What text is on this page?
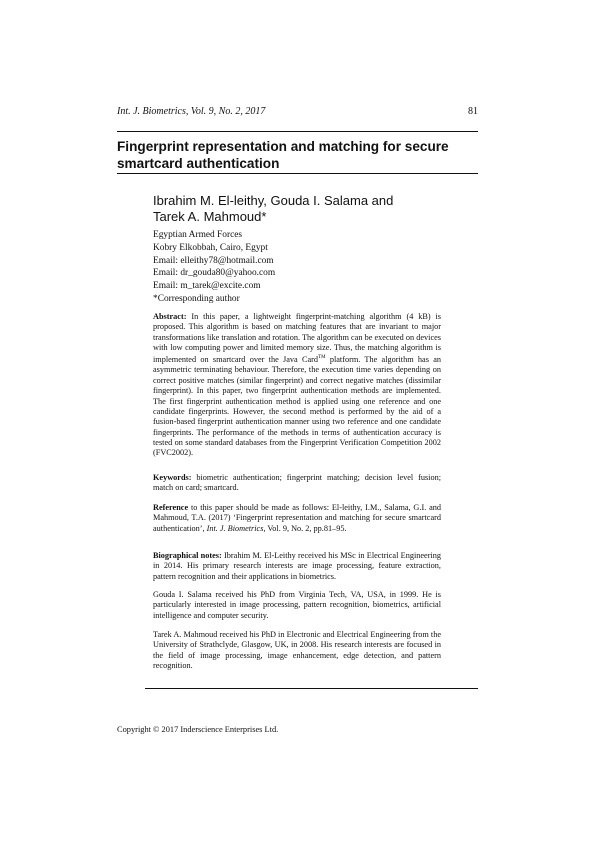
Int. J. Biometrics, Vol. 9, No. 2, 2017	81
Fingerprint representation and matching for secure smartcard authentication
Ibrahim M. El-leithy, Gouda I. Salama and
Tarek A. Mahmoud*
Egyptian Armed Forces
Kobry Elkobbah, Cairo, Egypt
Email: elleithy78@hotmail.com
Email: dr_gouda80@yahoo.com
Email: m_tarek@excite.com
*Corresponding author

Abstract: In this paper, a lightweight fingerprint-matching algorithm (4 kB) is proposed. This algorithm is based on matching features that are invariant to major transformations like translation and rotation. The algorithm can be executed on devices with low computing power and limited memory size. Thus, the matching algorithm is implemented on smartcard over the Java Card™ platform. The algorithm has an asymmetric terminating behaviour. Therefore, the execution time varies depending on correct positive matches (similar fingerprint) and correct negative matches (dissimilar fingerprint). In this paper, two fingerprint authentication methods are implemented. The first fingerprint authentication method is applied using one reference and one candidate fingerprints. However, the second method is performed by the aid of a fusion-based fingerprint authentication manner using two reference and one candidate fingerprints. The performance of the methods in terms of authentication accuracy is tested on some standard databases from the Fingerprint Verification Competition 2002 (FVC2002).

Keywords: biometric authentication; fingerprint matching; decision level fusion; match on card; smartcard.

Reference to this paper should be made as follows: El-leithy, I.M., Salama, G.I. and Mahmoud, T.A. (2017) ‘Fingerprint representation and matching for secure smartcard authentication’, Int. J. Biometrics, Vol. 9, No. 2, pp.81–95.

Biographical notes: Ibrahim M. El-Leithy received his MSc in Electrical Engineering in 2014. His primary research interests are image processing, feature extraction, pattern recognition and their applications in biometrics.

Gouda I. Salama received his PhD from Virginia Tech, VA, USA, in 1999. He is particularly interested in image processing, pattern recognition, biometrics, artificial intelligence and computer security.

Tarek A. Mahmoud received his PhD in Electronic and Electrical Engineering from the University of Strathclyde, Glasgow, UK, in 2008. His research interests are focused in the field of image processing, image enhancement, edge detection, and pattern recognition.

Copyright © 2017 Inderscience Enterprises Ltd.
